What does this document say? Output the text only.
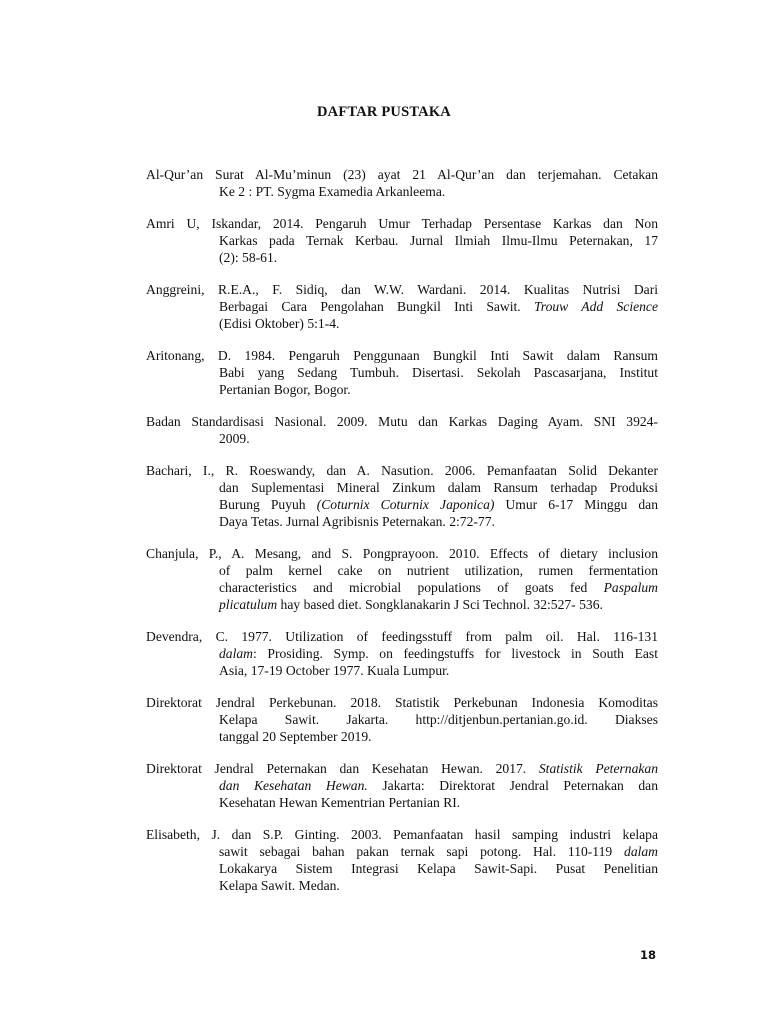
DAFTAR PUSTAKA
Al-Qur’an Surat Al-Mu’minun (23) ayat 21 Al-Qur’an dan terjemahan. Cetakan
Ke 2 : PT. Sygma Examedia Arkanleema.
Amri U, Iskandar, 2014. Pengaruh Umur Terhadap Persentase Karkas dan Non
Karkas pada Ternak Kerbau. Jurnal Ilmiah Ilmu-Ilmu Peternakan, 17
(2): 58-61.
Anggreini, R.E.A., F. Sidiq, dan W.W. Wardani. 2014. Kualitas Nutrisi Dari
Berbagai Cara Pengolahan Bungkil Inti Sawit. Trouw Add Science
(Edisi Oktober) 5:1-4.
Aritonang, D. 1984. Pengaruh Penggunaan Bungkil Inti Sawit dalam Ransum
Babi yang Sedang Tumbuh. Disertasi. Sekolah Pascasarjana, Institut
Pertanian Bogor, Bogor.
Badan Standardisasi Nasional. 2009. Mutu dan Karkas Daging Ayam. SNI 3924-
2009.
Bachari, I., R. Roeswandy, dan A. Nasution. 2006. Pemanfaatan Solid Dekanter
dan Suplementasi Mineral Zinkum dalam Ransum terhadap Produksi
Burung Puyuh (Coturnix Coturnix Japonica) Umur 6-17 Minggu dan
Daya Tetas. Jurnal Agribisnis Peternakan. 2:72-77.
Chanjula, P., A. Mesang, and S. Pongprayoon. 2010. Effects of dietary inclusion
of palm kernel cake on nutrient utilization, rumen fermentation
characteristics and microbial populations of goats fed Paspalum
plicatulum hay based diet. Songklanakarin J Sci Technol. 32:527- 536.
Devendra, C. 1977. Utilization of feedingsstuff from palm oil. Hal. 116-131
dalam: Prosiding. Symp. on feedingstuffs for livestock in South East
Asia, 17-19 October 1977. Kuala Lumpur.
Direktorat Jendral Perkebunan. 2018. Statistik Perkebunan Indonesia Komoditas
Kelapa Sawit. Jakarta. http://ditjenbun.pertanian.go.id. Diakses
tanggal 20 September 2019.
Direktorat Jendral Peternakan dan Kesehatan Hewan. 2017. Statistik Peternakan
dan Kesehatan Hewan. Jakarta: Direktorat Jendral Peternakan dan
Kesehatan Hewan Kementrian Pertanian RI.
Elisabeth, J. dan S.P. Ginting. 2003. Pemanfaatan hasil samping industri kelapa
sawit sebagai bahan pakan ternak sapi potong. Hal. 110-119 dalam
Lokakarya Sistem Integrasi Kelapa Sawit-Sapi. Pusat Penelitian
Kelapa Sawit. Medan.
18
